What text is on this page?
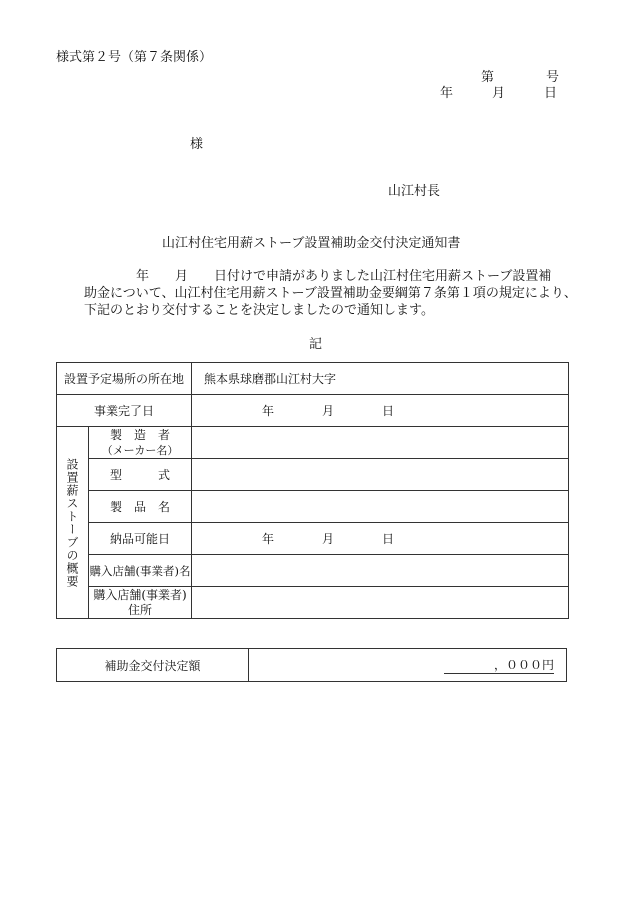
様式第２号（第７条関係）
第　　　　号
年　　　月　　　日
様
山江村長
山江村住宅用薪ストーブ設置補助金交付決定通知書
年　　月　　日付けで申請がありました山江村住宅用薪ストーブ設置補
助金について、山江村住宅用薪ストーブ設置補助金要綱第７条第１項の規定により、
下記のとおり交付することを決定しましたので通知します。
記
設置予定場所の所在地		熊本県球磨郡山江村大字
事業完了日		年　　　　月　　　　日

設置薪ストーブの概要	製　造　者
（メーカー名）	

	型　　　式	
	製　品　名	
	納品可能日	年　　　　月　　　　日
	購入店舗(事業者)名	

	購入店舗(事業者)
住所	

補助金交付決定額	，０００円
